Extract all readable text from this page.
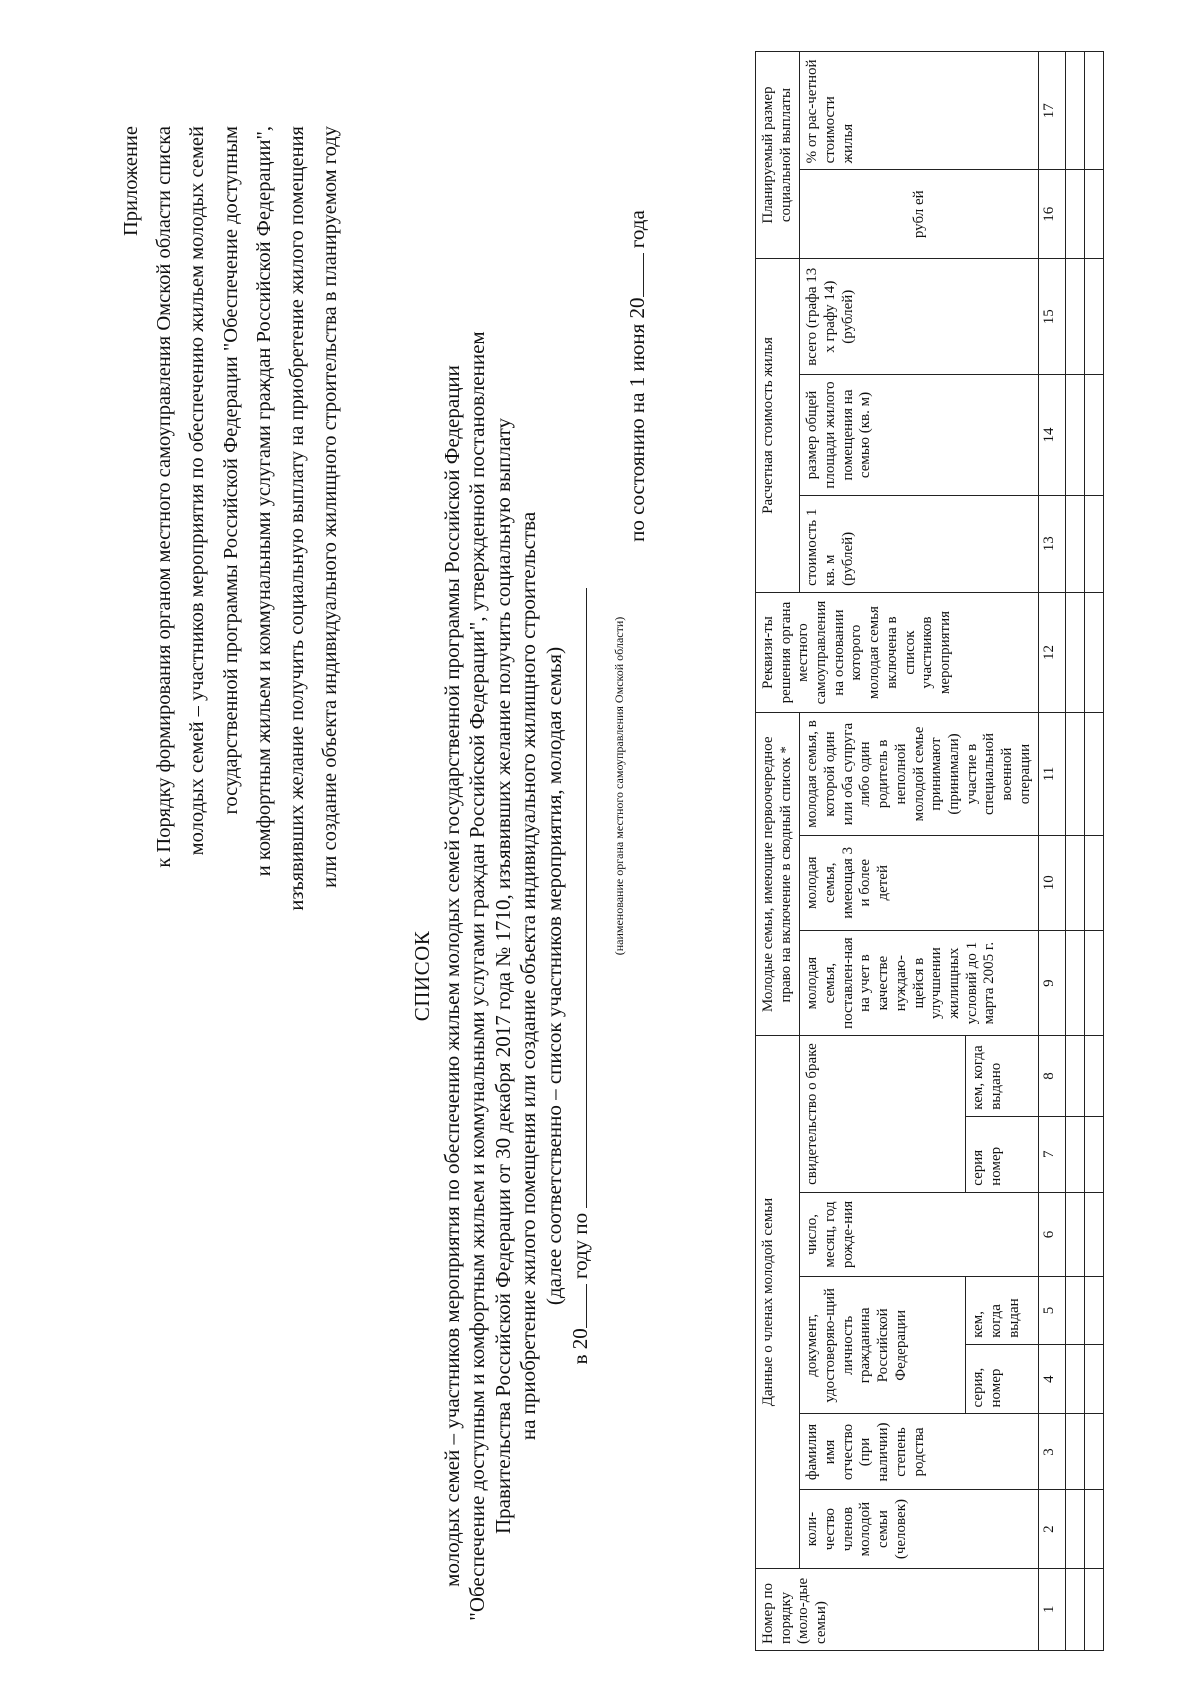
Приложение к Порядку формирования органом местного самоуправления Омской области списка молодых семей – участников мероприятия по обеспечению жильем молодых семей государственной программы Российской Федерации "Обеспечение доступным и комфортным жильем и коммунальными услугами граждан Российской Федерации", изъявивших желание получить социальную выплату на приобретение жилого помещения или создание объекта индивидуального жилищного строительства в планируемом году
СПИСОК молодых семей – участников мероприятия по обеспечению жильем молодых семей государственной программы Российской Федерации "Обеспечение доступным и комфортным жильем и коммунальными услугами граждан Российской Федерации", утвержденной постановлением Правительства Российской Федерации от 30 декабря 2017 года № 1710, изъявивших желание получить социальную выплату на приобретение жилого помещения или создание объекта индивидуального жилищного строительства (далее соответственно – список участников мероприятия, молодая семья)
в 20 году по
(наименование органа местного самоуправления Омской области)
по состоянию на 1 июня 20 года
Номер по порядку (моло-дые семьи)	Данные о членах молодой семьи							Молодые семьи, имеющие первоочередное право на включение в сводный список *			Реквизи-ты решения органа местного самоуправления на основании которого молодая семья включена в список участников мероприятия	Расчетная стоимость жилья			Планируемый размер социальной выплаты	
	коли-чество членов молодой семьи (человек)	фамилия имя отчество (при наличии) степень родства	документ, удостоверяю-щий личность гражданина Российской Федерации		число, месяц, год рожде-ния	свидетельство о браке		молодая семья, поставлен-ная на учет в качестве нуждаю-щейся в улучшении жилищных условий до 1 марта 2005 г.	молодая семья, имеющая 3 и более детей	молодая семья, в которой один или оба супруга либо один родитель в неполной молодой семье принимают (принимали) участие в специальной военной операции		стоимость 1 кв. м (рублей)	размер общей площади жилого помещения на семью (кв. м)	всего (графа 13 х графу 14) (рублей)	рубл ей	% от рас-четной стоимости жилья
			серия, номер	кем, когда выдан		серия номер	кем, когда выдано									
1	2	3	4	5	6	7	8	9	10	11	12	13	14	15	16	17
